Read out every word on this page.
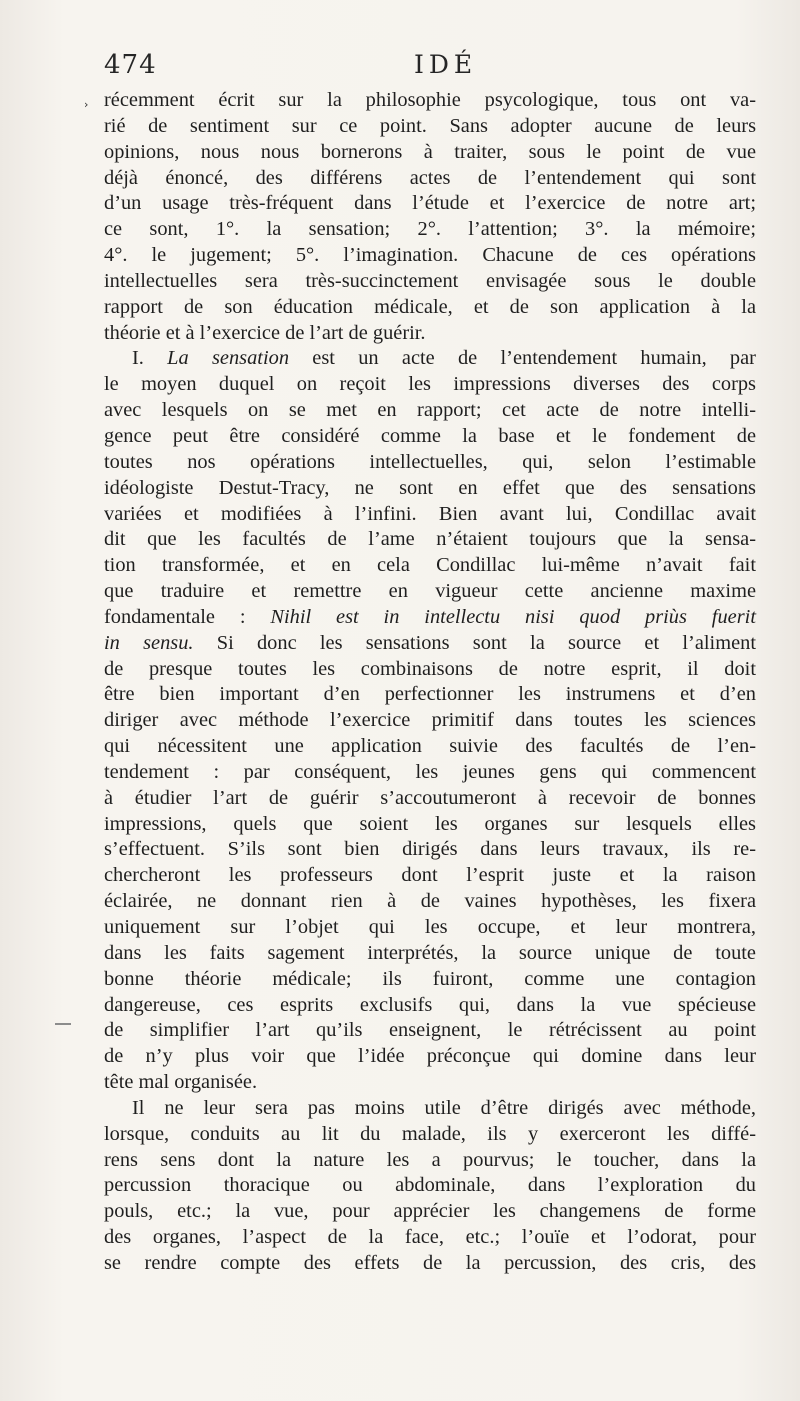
474	IDÉ
› récemment écrit sur la philosophie psycologique, tous ont va-
rié de sentiment sur ce point. Sans adopter aucune de leurs
opinions, nous nous bornerons à traiter, sous le point de vue
déjà énoncé, des différens actes de l’entendement qui sont
d’un usage très-fréquent dans l’étude et l’exercice de notre art;
ce sont, 1°. la sensation; 2°. l’attention; 3°. la mémoire;
4°. le jugement; 5°. l’imagination. Chacune de ces opérations
intellectuelles sera très-succinctement envisagée sous le double
rapport de son éducation médicale, et de son application à la
théorie et à l’exercice de l’art de guérir.
I. La sensation est un acte de l’entendement humain, par
le moyen duquel on reçoit les impressions diverses des corps
avec lesquels on se met en rapport; cet acte de notre intelli-
gence peut être considéré comme la base et le fondement de
toutes nos opérations intellectuelles, qui, selon l’estimable
idéologiste Destut-Tracy, ne sont en effet que des sensations
variées et modifiées à l’infini. Bien avant lui, Condillac avait
dit que les facultés de l’ame n’étaient toujours que la sensa-
tion transformée, et en cela Condillac lui-même n’avait fait
que traduire et remettre en vigueur cette ancienne maxime
fondamentale : Nihil est in intellectu nisi quod priùs fuerit
in sensu. Si donc les sensations sont la source et l’aliment
de presque toutes les combinaisons de notre esprit, il doit
être bien important d’en perfectionner les instrumens et d’en
diriger avec méthode l’exercice primitif dans toutes les sciences
qui nécessitent une application suivie des facultés de l’en-
tendement : par conséquent, les jeunes gens qui commencent
à étudier l’art de guérir s’accoutumeront à recevoir de bonnes
impressions, quels que soient les organes sur lesquels elles
s’effectuent. S’ils sont bien dirigés dans leurs travaux, ils re-
chercheront les professeurs dont l’esprit juste et la raison
éclairée, ne donnant rien à de vaines hypothèses, les fixera
uniquement sur l’objet qui les occupe, et leur montrera,
dans les faits sagement interprétés, la source unique de toute
bonne théorie médicale; ils fuiront, comme une contagion
dangereuse, ces esprits exclusifs qui, dans la vue spécieuse
de simplifier l’art qu’ils enseignent, le rétrécissent au point
de n’y plus voir que l’idée préconçue qui domine dans leur
tête mal organisée.
Il ne leur sera pas moins utile d’être dirigés avec méthode,
lorsque, conduits au lit du malade, ils y exerceront les diffé-
rens sens dont la nature les a pourvus; le toucher, dans la
percussion thoracique ou abdominale, dans l’exploration du
pouls, etc.; la vue, pour apprécier les changemens de forme
des organes, l’aspect de la face, etc.; l’ouïe et l’odorat, pour
se rendre compte des effets de la percussion, des cris, des
